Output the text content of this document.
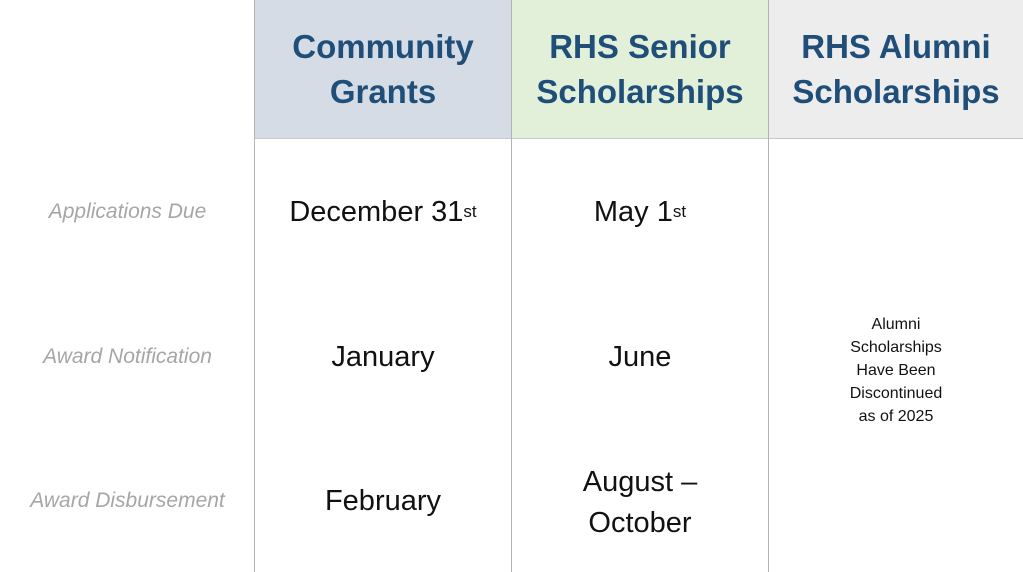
Community
Grants
RHS Senior
Scholarships
RHS Alumni
Scholarships
Applications Due
Award Notification
Award Disbursement
December 31 st
January
February
May 1 st
June
August –
October

Alumni
Scholarships
Have Been
Discontinued
as of 2025
